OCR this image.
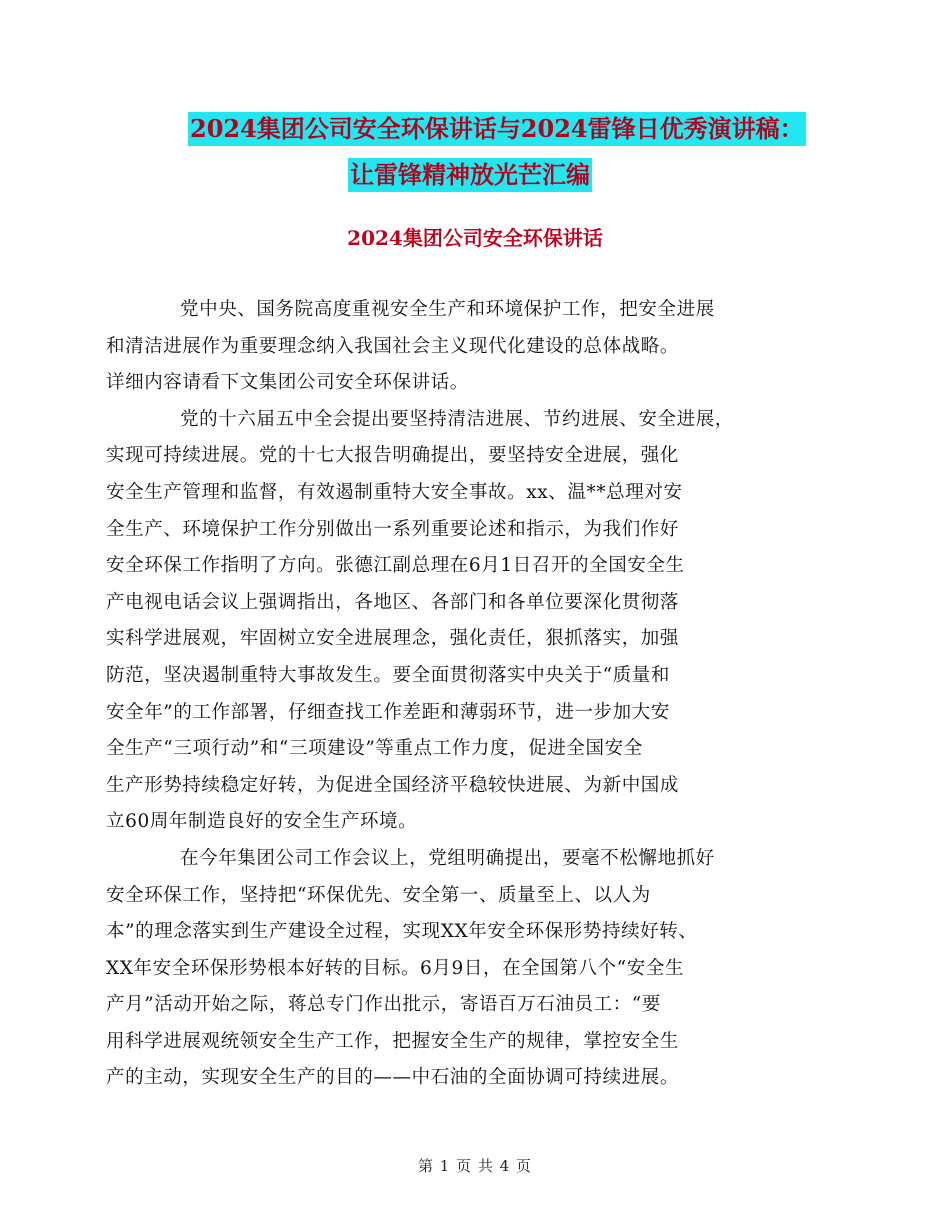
2024集团公司安全环保讲话与2024雷锋日优秀演讲稿：
让雷锋精神放光芒汇编
2024集团公司安全环保讲话

党中央、国务院高度重视安全生产和环境保护工作，把安全进展
和清洁进展作为重要理念纳入我国社会主义现代化建设的总体战略。
详细内容请看下文集团公司安全环保讲话。

党的十六届五中全会提出要坚持清洁进展、节约进展、安全进展，
实现可持续进展。党的十七大报告明确提出，要坚持安全进展，强化
安全生产管理和监督，有效遏制重特大安全事故。xx、温**总理对安
全生产、环境保护工作分别做出一系列重要论述和指示，为我们作好
安全环保工作指明了方向。张德江副总理在6月1日召开的全国安全生
产电视电话会议上强调指出，各地区、各部门和各单位要深化贯彻落
实科学进展观，牢固树立安全进展理念，强化责任，狠抓落实，加强
防范，坚决遏制重特大事故发生。要全面贯彻落实中央关于“质量和
安全年”的工作部署，仔细查找工作差距和薄弱环节，进一步加大安
全生产“三项行动”和“三项建设”等重点工作力度，促进全国安全
生产形势持续稳定好转，为促进全国经济平稳较快进展、为新中国成
立60周年制造良好的安全生产环境。

在今年集团公司工作会议上，党组明确提出，要毫不松懈地抓好
安全环保工作，坚持把“环保优先、安全第一、质量至上、以人为
本”的理念落实到生产建设全过程，实现XX年安全环保形势持续好转、
XX年安全环保形势根本好转的目标。6月9日，在全国第八个“安全生
产月”活动开始之际，蒋总专门作出批示，寄语百万石油员工：“要
用科学进展观统领安全生产工作，把握安全生产的规律，掌控安全生
产的主动，实现安全生产的目的——中石油的全面协调可持续进展。

第 1 页 共 4 页
